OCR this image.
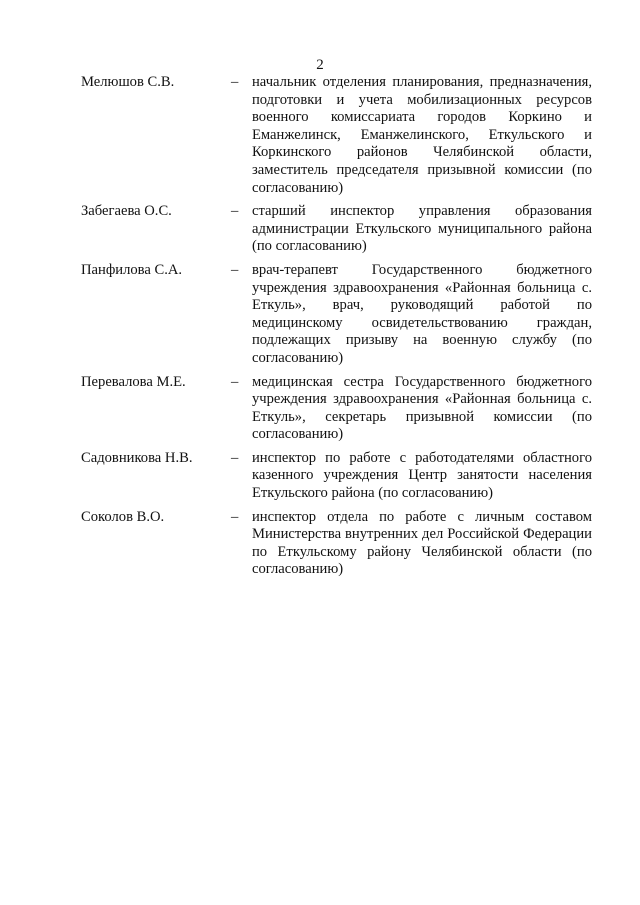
2
Мелюшов С.В.	– начальник отделения планирования, предназначения, подготовки и учета мобилизационных ресурсов военного комиссариата городов Коркино и Еманжелинск, Еманжелинского, Еткульского и Коркинского районов Челябинской области, заместитель председателя призывной комиссии (по согласованию)
Забегаева О.С.	– старший инспектор управления образования администрации Еткульского муниципального района (по согласованию)
Панфилова С.А.	– врач-терапевт Государственного бюджетного учреждения здравоохранения «Районная больница с. Еткуль», врач, руководящий работой по медицинскому освидетельствованию граждан, подлежащих призыву на военную службу (по согласованию)
Перевалова М.Е.	– медицинская сестра Государственного бюджетного учреждения здравоохранения «Районная больница с. Еткуль», секретарь призывной комиссии (по согласованию)
Садовникова Н.В.	– инспектор по работе с работодателями областного казенного учреждения Центр занятости населения Еткульского района (по согласованию)
Соколов В.О.	– инспектор отдела по работе с личным составом Министерства внутренних дел Российской Федерации по Еткульскому району Челябинской области (по согласованию)
